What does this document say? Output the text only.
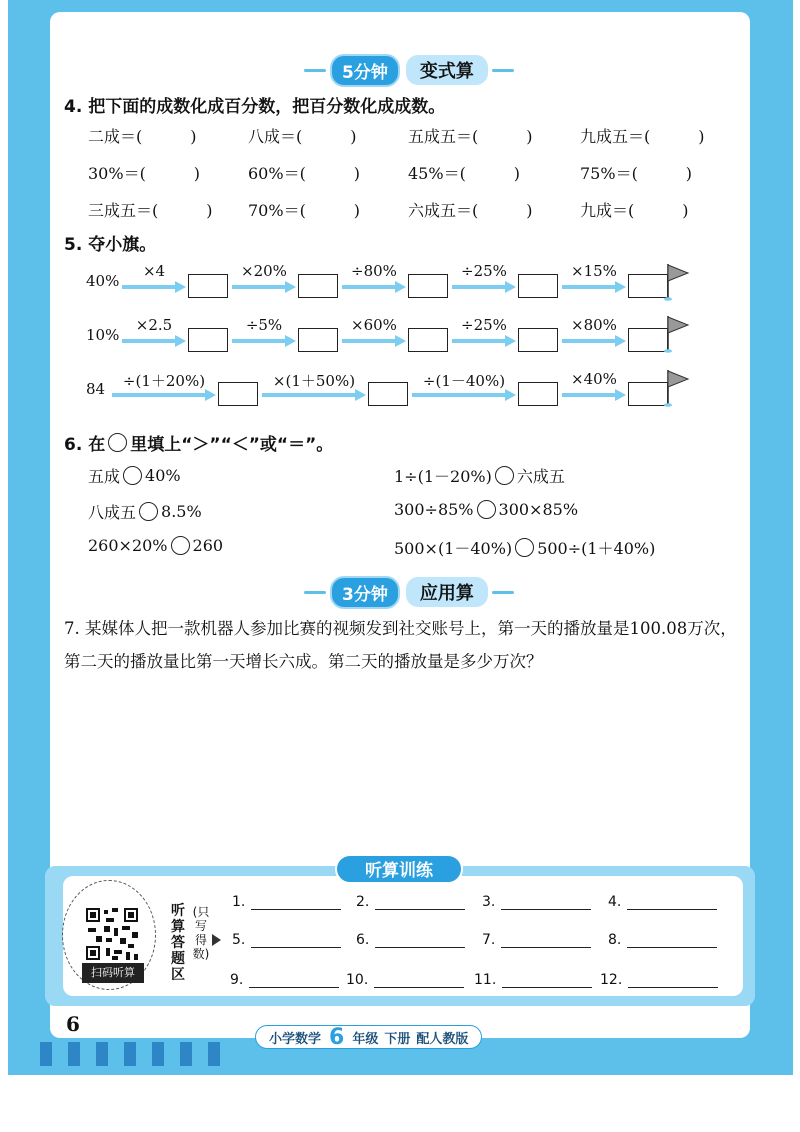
5分钟	变式算
4. 把下面的成数化成百分数，把百分数化成成数。
二成＝(　　　)	八成＝(　　　)	五成五＝(　　　)	九成五＝(　　　)
30%＝(　　　)	60%＝(　　　)	45%＝(　　　)	75%＝(　　　)
三成五＝(　　　)	70%＝(　　　)	六成五＝(　　　)	九成＝(　　　)
5. 夺小旗。
40%
×4	×20%	÷80%	÷25%	×15%
10%
×2.5	÷5%	×60%	÷25%	×80%
84	÷(1＋20%)	×(1＋50%)	÷(1－40%)	×40%
6. 在 里填上“＞”“＜”或“＝”。
五成 40%	1÷(1－20%) 六成五
八成五 8.5%	300÷85% 300×85%
260×20% 260	500×(1－40%) 500÷(1＋40%)
3分钟	应用算
7. 某媒体人把一款机器人参加比赛的视频发到社交账号上，第一天的播放量是100.08万次，第二天的播放量比第一天增长六成。第二天的播放量是多少万次？
听算训练
扫码听算
听算答题区
(只写得数)
1.	2.	3.	4.
5.	6.	7.	8.
9.	10.	11.	12.
6
小学数学 6 年级 下册 配人教版
